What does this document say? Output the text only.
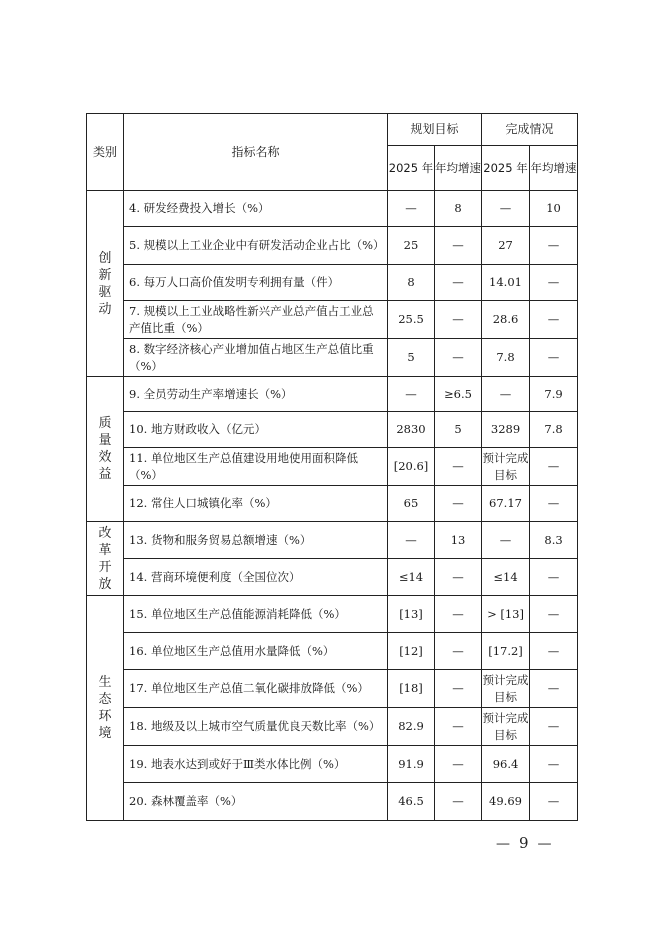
类别	指标名称	规划目标		完成情况	
		2025 年	年均增速	2025 年	年均增速

创新驱动	4. 研发经费投入增长（%）	—	8	—	10
	5. 规模以上工业企业中有研发活动企业占比（%）	25	—	27	—
	6. 每万人口高价值发明专利拥有量（件）	8	—	14.01	—
	7. 规模以上工业战略性新兴产业总产值占工业总产值比重（%）	25.5	—	28.6	—
	8. 数字经济核心产业增加值占地区生产总值比重（%）	5	—	7.8	—

质量效益	9. 全员劳动生产率增速长（%）	—	≥6.5	—	7.9
	10. 地方财政收入（亿元）	2830	5	3289	7.8
	11. 单位地区生产总值建设用地使用面积降低（%）	[20.6]	—	预计完成目标	—
	12. 常住人口城镇化率（%）	65	—	67.17	—

改革开放	13. 货物和服务贸易总额增速（%）	—	13	—	8.3
	14. 营商环境便利度（全国位次）	≤14	—	≤14	—

生态环境	15. 单位地区生产总值能源消耗降低（%）	[13]	—	> [13]	—
	16. 单位地区生产总值用水量降低（%）	[12]	—	[17.2]	—
	17. 单位地区生产总值二氧化碳排放降低（%）	[18]	—	预计完成目标	—
	18. 地级及以上城市空气质量优良天数比率（%）	82.9	—	预计完成目标	—
	19. 地表水达到或好于Ⅲ类水体比例（%）	91.9	—	96.4	—
	20. 森林覆盖率（%）	46.5	—	49.69	—
— 9 —
